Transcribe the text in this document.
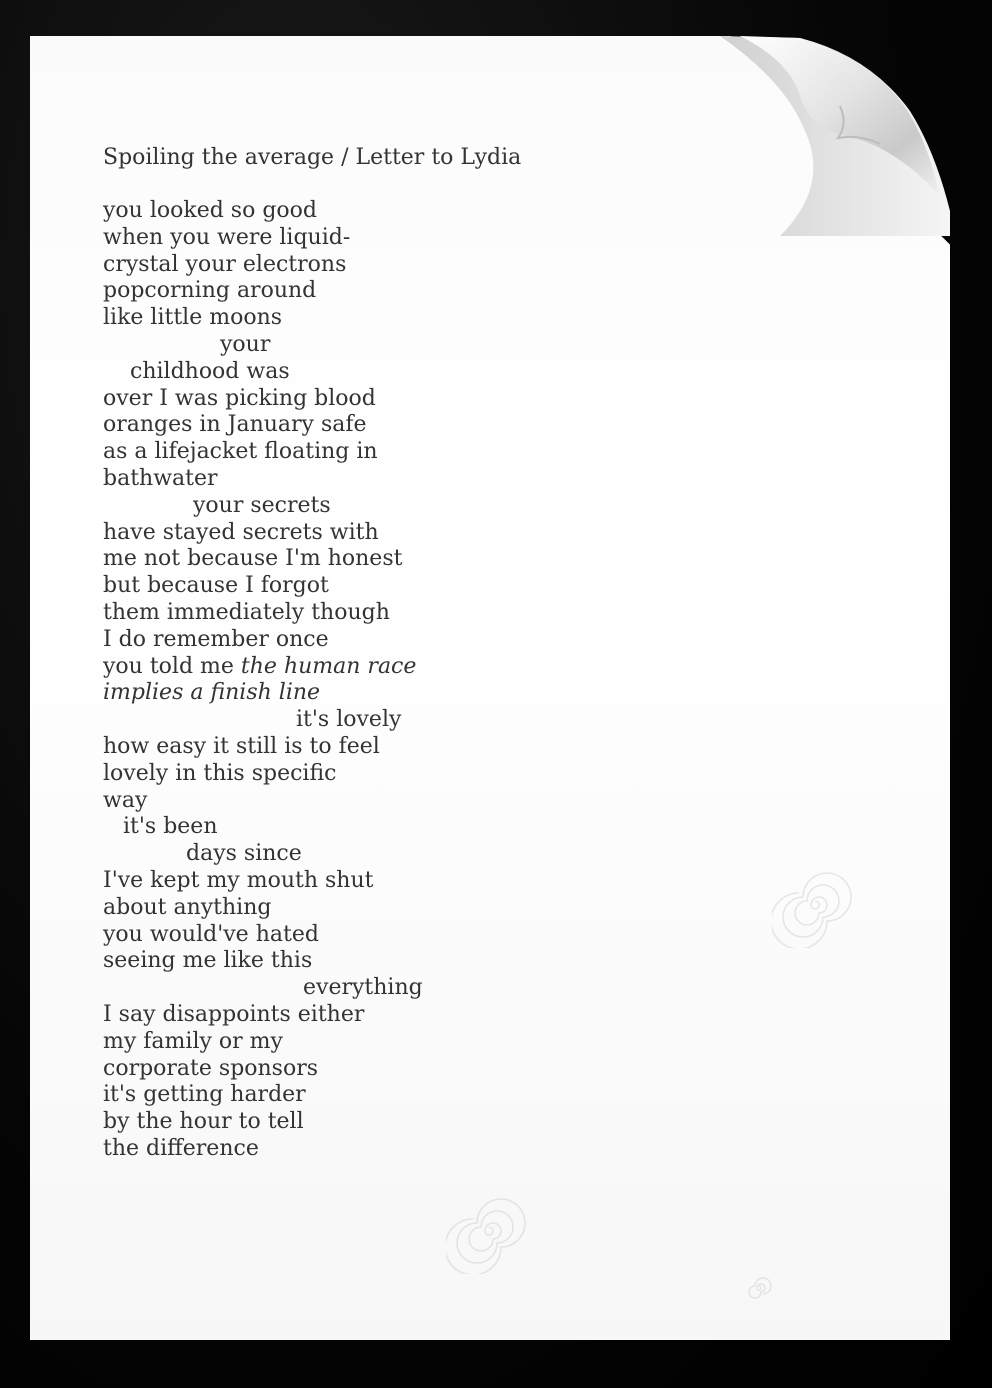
Spoiling the average / Letter to Lydia
you looked so good
when you were liquid-
crystal your electrons
popcorning around
like little moons
your
childhood was
over I was picking blood
oranges in January safe
as a lifejacket floating in
bathwater
your secrets
have stayed secrets with
me not because I'm honest
but because I forgot
them immediately though
I do remember once
you told me the human race
implies a finish line
it's lovely
how easy it still is to feel
lovely in this specific
way
it's been
days since
I've kept my mouth shut
about anything
you would've hated
seeing me like this
everything
I say disappoints either
my family or my
corporate sponsors
it's getting harder
by the hour to tell
the difference
